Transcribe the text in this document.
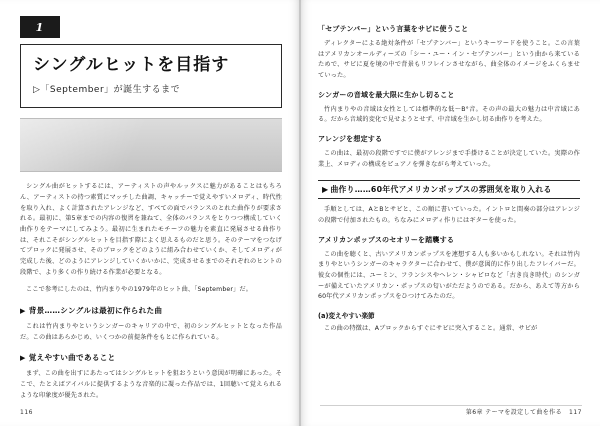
1
シングルヒットを目指す
▷「September」が誕生するまで

シングル曲がヒットするには、アーティストの声やルックスに魅力があることはもちろん、アーティストの持つ素質にマッチした曲調、キャッチーで覚えやすいメロディ、時代性を取り入れ、よく計算されたアレンジなど、すべての面でバランスのとれた曲作りが要求される。最初に、第5章までの内容の復習を兼ねて、全体のバランスをとりつつ構成していく曲作りをテーマにしてみよう。最初に生まれたモチーフの魅力を素直に発展させる曲作りは、それこそがシングルヒットを目指す際によく思えるものだと思う。そのテーマをつなげてブロックに発展させ、そのブロックをどのように組み合わせていくか、そしてメロディが完成した後、どのようにアレンジしていくかいかに、完成させるまでのそれぞれのヒントの段階で、より多くの作り続ける作業が必要となる。

ここで参考にしたのは、竹内まりやの1979年のヒット曲、「September」だ。

▶ 背景……シングルは最初に作られた曲

これは竹内まりやというシンガーのキャリアの中で、初のシングルヒットとなった作品だ。この曲はあらかじめ、いくつかの前提条件をもとに作られている。

▶ 覚えやすい曲であること

まず、この曲を出すにあたってはシングルヒットを狙おうという意図が明確にあった。そこで、たとえばアイバルに提供するような音楽的に凝った作品では、1回聴いて覚えられるような印象度が優先された。

116
「セプテンバー」という言葉をサビに使うこと

ディレクターによる絶対条件が「セプテンバー」というキーワードを使うこと。この言葉はアメリカンオールディーズの「シー・ユー・イン・セプテンバー」という曲から来ているためで、サビに夏を境の中で背景もリフレインさせながら、曲全体のイメージをふくらませていった。

シンガーの音域を最大限に生かし切ること

竹内まりやの音域は女性としては標準的な低〜B°音。その声の最大の魅力は中音域にある。だから音域的変化で見せようとせず、中音域を生かし切る曲作りを考えた。

アレンジを想定する

この曲は、最初の段階ですでに僕がアレンジまで手掛けることが決定していた。実際の作業上、メロディの構成をピュアノを弾きながら考えていった。

▶ 曲作り……60年代アメリカンポップスの雰囲気を取り入れる

手順としては、AとBとサビと、この順に書いていった。イントロと間奏の部分はアレンジの段階で付加されたもの。ちなみにメロディ作りにはギターを使った。

アメリカンポップスのセオリーを踏襲する

この曲を聴くと、古いアメリカンポップスを連想する人も多いかもしれない。それは竹内まりやというシンガーのキャラクターに合わせて、僕が意図的に作り出したフレイバーだ。彼女の個性には、ユーミン、フランシスやヘレン・シャピロなど「古き良き時代」のシンガーが備えていたアメリカン・ポップスの匂いがただようのである。だから、あえて等方から60年代アメリカンポップスをひつけてみたのだ。

(a)変えやすい楽節

この曲の特徴は、Aブロックからすぐにサビに突入すること。通常、サビが

第6章 テーマを設定して曲を作る 117
